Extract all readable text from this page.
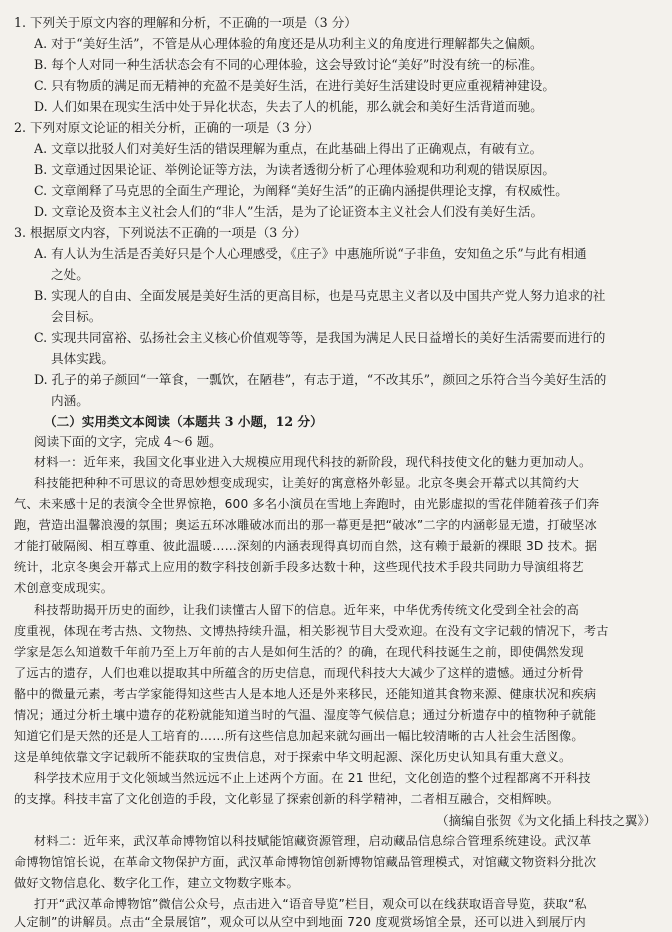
1. 下列关于原文内容的理解和分析，不正确的一项是（3 分）
A. 对于“美好生活”，不管是从心理体验的角度还是从功利主义的角度进行理解都失之偏颇。
B. 每个人对同一种生活状态会有不同的心理体验，这会导致讨论“美好”时没有统一的标准。
C. 只有物质的满足而无精神的充盈不是美好生活，在进行美好生活建设时更应重视精神建设。
D. 人们如果在现实生活中处于异化状态，失去了人的机能，那么就会和美好生活背道而驰。
2. 下列对原文论证的相关分析，正确的一项是（3 分）
A. 文章以批驳人们对美好生活的错误理解为重点，在此基础上得出了正确观点，有破有立。
B. 文章通过因果论证、举例论证等方法，为读者透彻分析了心理体验观和功利观的错误原因。
C. 文章阐释了马克思的全面生产理论，为阐释“美好生活”的正确内涵提供理论支撑，有权威性。
D. 文章论及资本主义社会人们的“非人”生活，是为了论证资本主义社会人们没有美好生活。
3. 根据原文内容，下列说法不正确的一项是（3 分）
A. 有人认为生活是否美好只是个人心理感受，《庄子》中惠施所说“子非鱼，安知鱼之乐”与此有相通
之处。
B. 实现人的自由、全面发展是美好生活的更高目标，也是马克思主义者以及中国共产党人努力追求的社
会目标。
C. 实现共同富裕、弘扬社会主义核心价值观等等，是我国为满足人民日益增长的美好生活需要而进行的
具体实践。
D. 孔子的弟子颜回“一箪食，一瓢饮，在陋巷”，有志于道，“不改其乐”，颜回之乐符合当今美好生活的
内涵。
（二）实用类文本阅读（本题共 3 小题，12 分）
阅读下面的文字，完成 4～6 题。
材料一：近年来，我国文化事业进入大规模应用现代科技的新阶段，现代科技使文化的魅力更加动人。
科技能把种种不可思议的奇思妙想变成现实，让美好的寓意格外彰显。北京冬奥会开幕式以其简约大
气、未来感十足的表演令全世界惊艳，600 多名小演员在雪地上奔跑时，由光影虚拟的雪花伴随着孩子们奔
跑，营造出温馨浪漫的氛围；奥运五环冰雕破冰而出的那一幕更是把“破冰”二字的内涵彰显无遗，打破坚冰
才能打破隔阂、相互尊重、彼此温暖……深刻的内涵表现得真切而自然，这有赖于最新的裸眼 3D 技术。据
统计，北京冬奥会开幕式上应用的数字科技创新手段多达数十种，这些现代技术手段共同助力导演组将艺
术创意变成现实。
科技帮助揭开历史的面纱，让我们读懂古人留下的信息。近年来，中华优秀传统文化受到全社会的高
度重视，体现在考古热、文物热、文博热持续升温，相关影视节目大受欢迎。在没有文字记载的情况下，考古
学家是怎么知道数千年前乃至上万年前的古人是如何生活的？的确，在现代科技诞生之前，即使偶然发现
了远古的遗存，人们也难以提取其中所蕴含的历史信息，而现代科技大大减少了这样的遗憾。通过分析骨
骼中的微量元素，考古学家能得知这些古人是本地人还是外来移民，还能知道其食物来源、健康状况和疾病
情况；通过分析土壤中遗存的花粉就能知道当时的气温、湿度等气候信息；通过分析遗存中的植物种子就能
知道它们是天然的还是人工培育的……所有这些信息加起来就勾画出一幅比较清晰的古人社会生活图像。
这是单纯依靠文字记载所不能获取的宝贵信息，对于探索中华文明起源、深化历史认知具有重大意义。
科学技术应用于文化领域当然远远不止上述两个方面。在 21 世纪，文化创造的整个过程都离不开科技
的支撑。科技丰富了文化创造的手段，文化彰显了探索创新的科学精神，二者相互融合，交相辉映。
（摘编自张贺《为文化插上科技之翼》）
材料二：近年来，武汉革命博物馆以科技赋能馆藏资源管理，启动藏品信息综合管理系统建设。武汉革
命博物馆馆长说，在革命文物保护方面，武汉革命博物馆创新博物馆藏品管理模式，对馆藏文物资料分批次
做好文物信息化、数字化工作，建立文物数字账本。
打开“武汉革命博物馆”微信公众号，点击进入“语音导览”栏目，观众可以在线获取语音导览，获取“私
人定制”的讲解员。点击“全景展馆”，观众可以从空中到地面 720 度观赏场馆全景，还可以进入到展厅内
